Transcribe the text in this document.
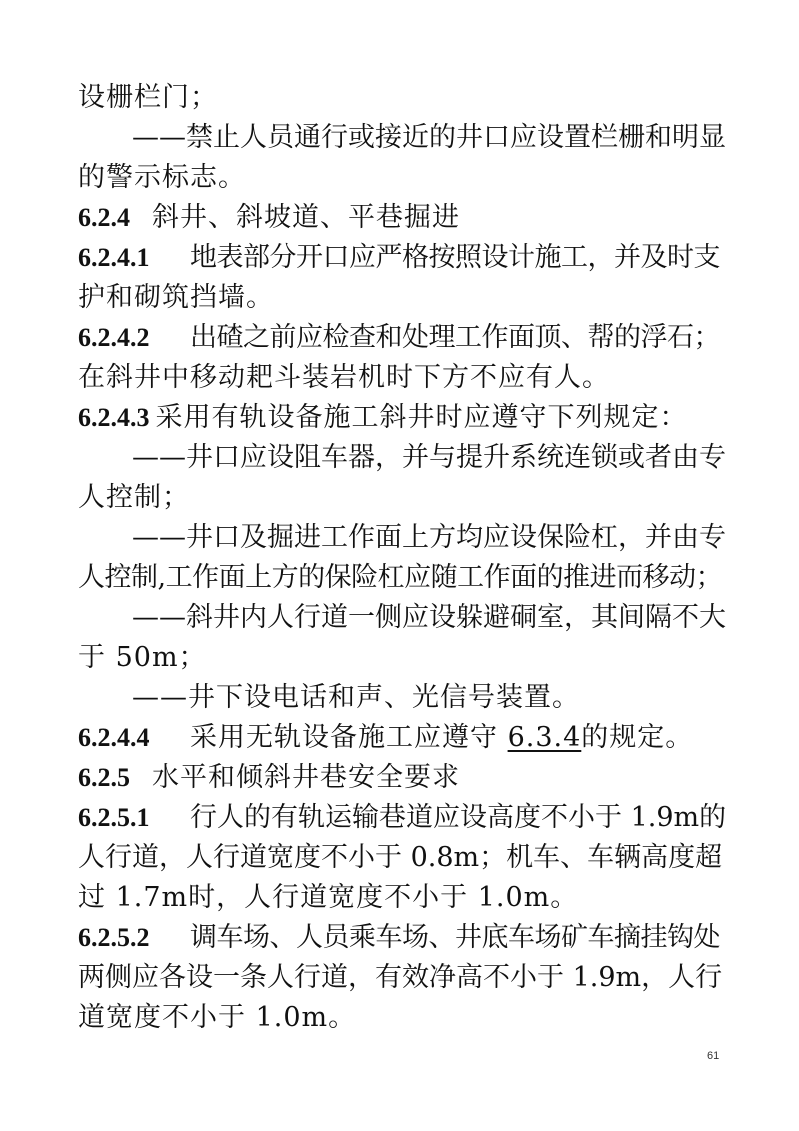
设栅栏门；
——禁止人员通行或接近的井口应设置栏栅和明显
的警示标志。
6.2.4 斜井、斜坡道、平巷掘进
6.2.4.1 地表部分开口应严格按照设计施工，并及时支
护和砌筑挡墙。
6.2.4.2 出碴之前应检查和处理工作面顶、帮的浮石；
在斜井中移动耙斗装岩机时下方不应有人。
6.2.4.3 采用有轨设备施工斜井时应遵守下列规定：
——井口应设阻车器，并与提升系统连锁或者由专
人控制；
——井口及掘进工作面上方均应设保险杠，并由专
人控制,工作面上方的保险杠应随工作面的推进而移动；
——斜井内人行道一侧应设躲避硐室，其间隔不大
于 50m；
——井下设电话和声、光信号装置。
6.2.4.4 采用无轨设备施工应遵守 6.3.4的规定。
6.2.5 水平和倾斜井巷安全要求
6.2.5.1 行人的有轨运输巷道应设高度不小于 1.9m的
人行道，人行道宽度不小于 0.8m；机车、车辆高度超
过 1.7m时，人行道宽度不小于 1.0m。
6.2.5.2 调车场、人员乘车场、井底车场矿车摘挂钩处
两侧应各设一条人行道，有效净高不小于 1.9m，人行
道宽度不小于 1.0m。
61
